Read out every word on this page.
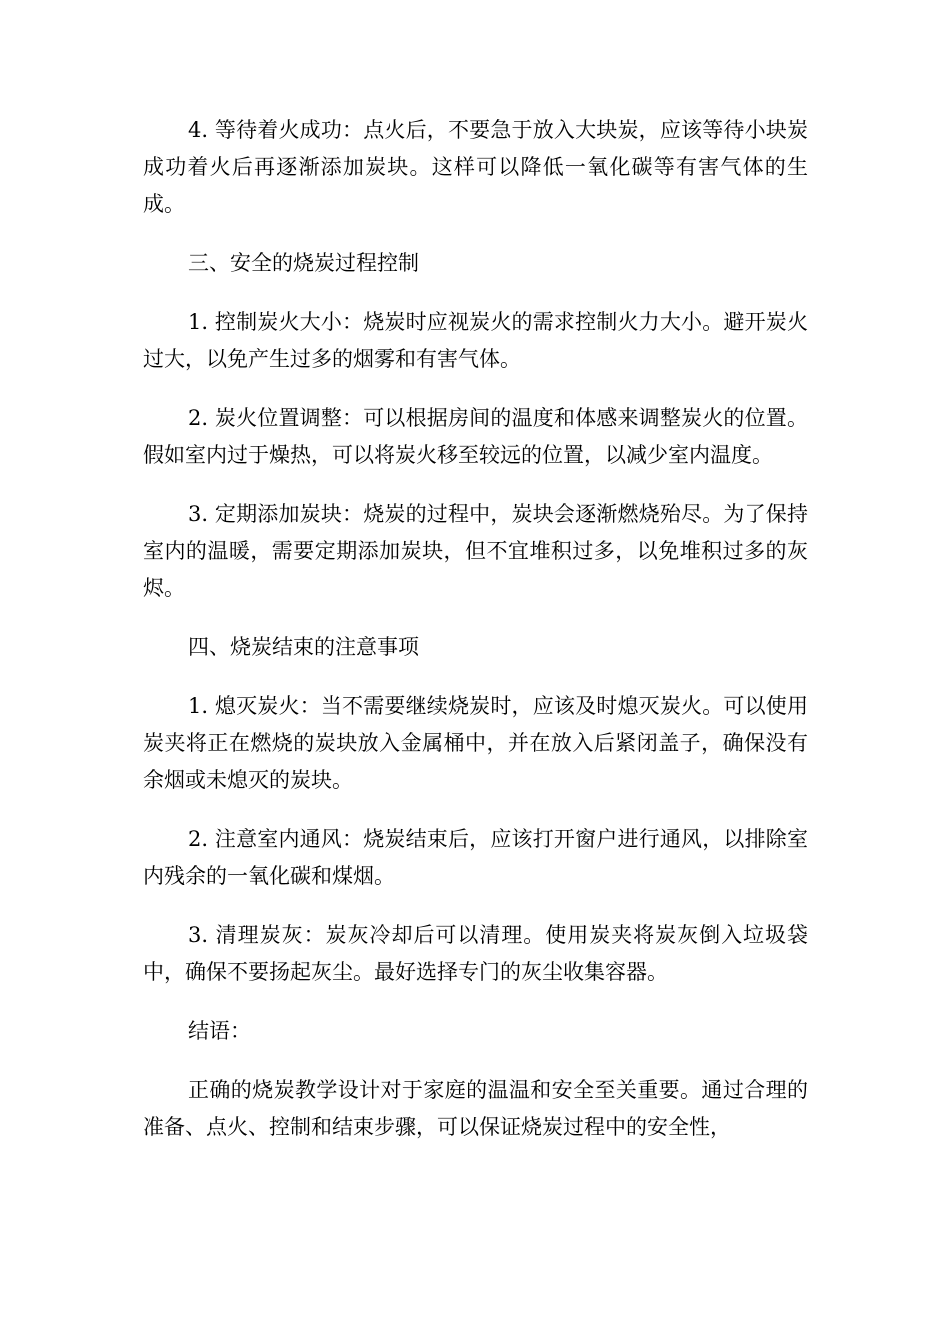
4. 等待着火成功：点火后，不要急于放入大块炭，应该等待小块炭成功着火后再逐渐添加炭块。这样可以降低一氧化碳等有害气体的生成。

三、安全的烧炭过程控制

1. 控制炭火大小：烧炭时应视炭火的需求控制火力大小。避开炭火过大，以免产生过多的烟雾和有害气体。

2. 炭火位置调整：可以根据房间的温度和体感来调整炭火的位置。假如室内过于燥热，可以将炭火移至较远的位置，以减少室内温度。

3. 定期添加炭块：烧炭的过程中，炭块会逐渐燃烧殆尽。为了保持室内的温暖，需要定期添加炭块，但不宜堆积过多，以免堆积过多的灰烬。

四、烧炭结束的注意事项

1. 熄灭炭火：当不需要继续烧炭时，应该及时熄灭炭火。可以使用炭夹将正在燃烧的炭块放入金属桶中，并在放入后紧闭盖子，确保没有余烟或未熄灭的炭块。

2. 注意室内通风：烧炭结束后，应该打开窗户进行通风，以排除室内残余的一氧化碳和煤烟。

3. 清理炭灰：炭灰冷却后可以清理。使用炭夹将炭灰倒入垃圾袋中，确保不要扬起灰尘。最好选择专门的灰尘收集容器。

结语：

正确的烧炭教学设计对于家庭的温温和安全至关重要。通过合理的准备、点火、控制和结束步骤，可以保证烧炭过程中的安全性，
